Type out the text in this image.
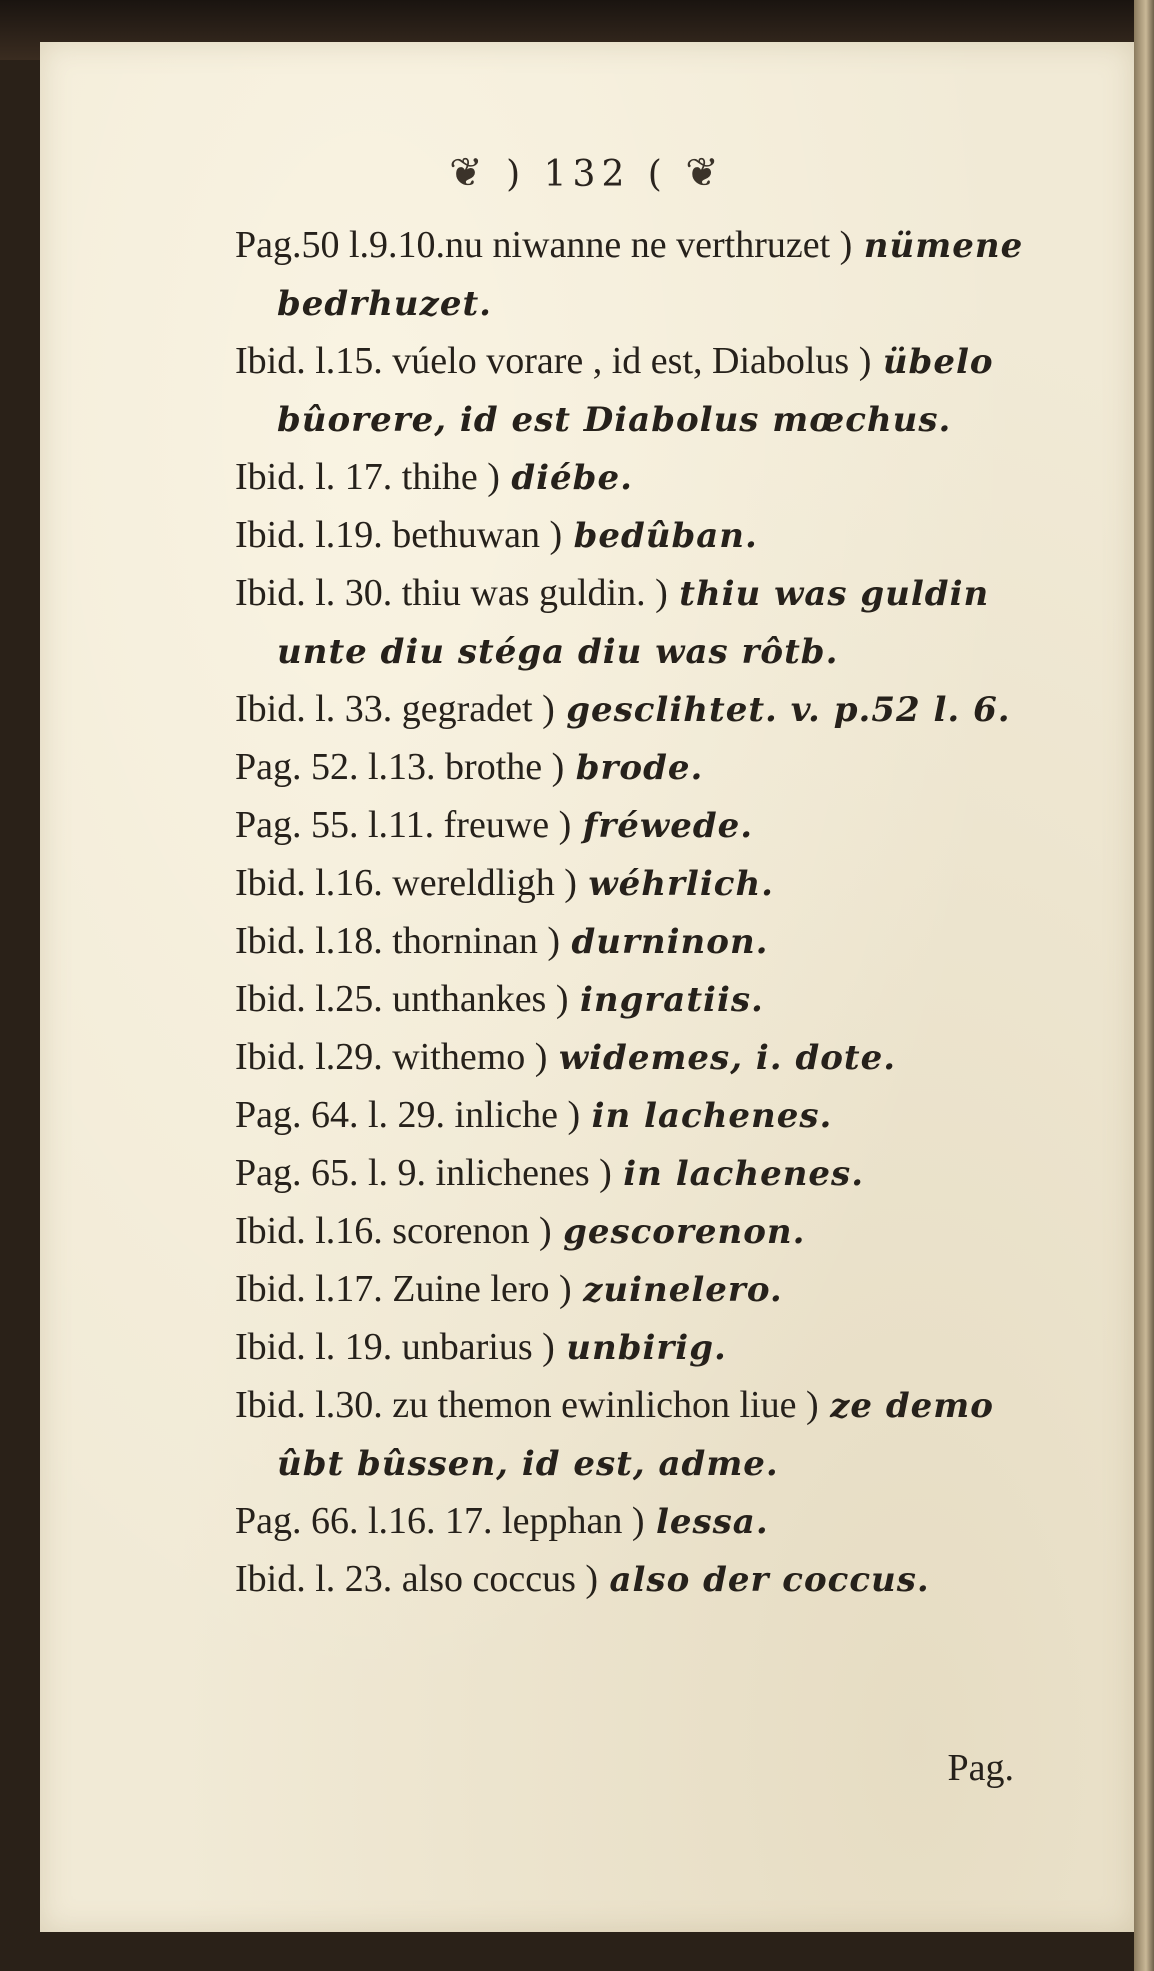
❦ ) 132 ( ❦
Pag.50 l.9.10.nu niwanne ne verthruzet ) nümene bedrhuzet.
Ibid. l.15. vúelo vorare , id est, Diabolus ) übelo bûorere, id est Diabolus mœchus.
Ibid. l. 17. thihe ) diébe.
Ibid. l.19. bethuwan ) bedûban.
Ibid. l. 30. thiu was guldin. ) thiu was guldin unte diu stéga diu was rôtb.
Ibid. l. 33. gegradet ) gesclihtet. v. p.52 l. 6.
Pag. 52. l.13. brothe ) brode.
Pag. 55. l.11. freuwe ) fréwede.
Ibid. l.16. wereldligh ) wéhrlich.
Ibid. l.18. thorninan ) durninon.
Ibid. l.25. unthankes ) ingratiis.
Ibid. l.29. withemo ) widemes, i. dote.
Pag. 64. l. 29. inliche ) in lachenes.
Pag. 65. l. 9. inlichenes ) in lachenes.
Ibid. l.16. scorenon ) gescorenon.
Ibid. l.17. Zuine lero ) zuinelero.
Ibid. l. 19. unbarius ) unbirig.
Ibid. l.30. zu themon ewinlichon liue ) ze demo ûbt bûssen, id est, adme.
Pag. 66. l.16. 17. lepphan ) lessa.
Ibid. l. 23. also coccus ) also der coccus.
Pag.
